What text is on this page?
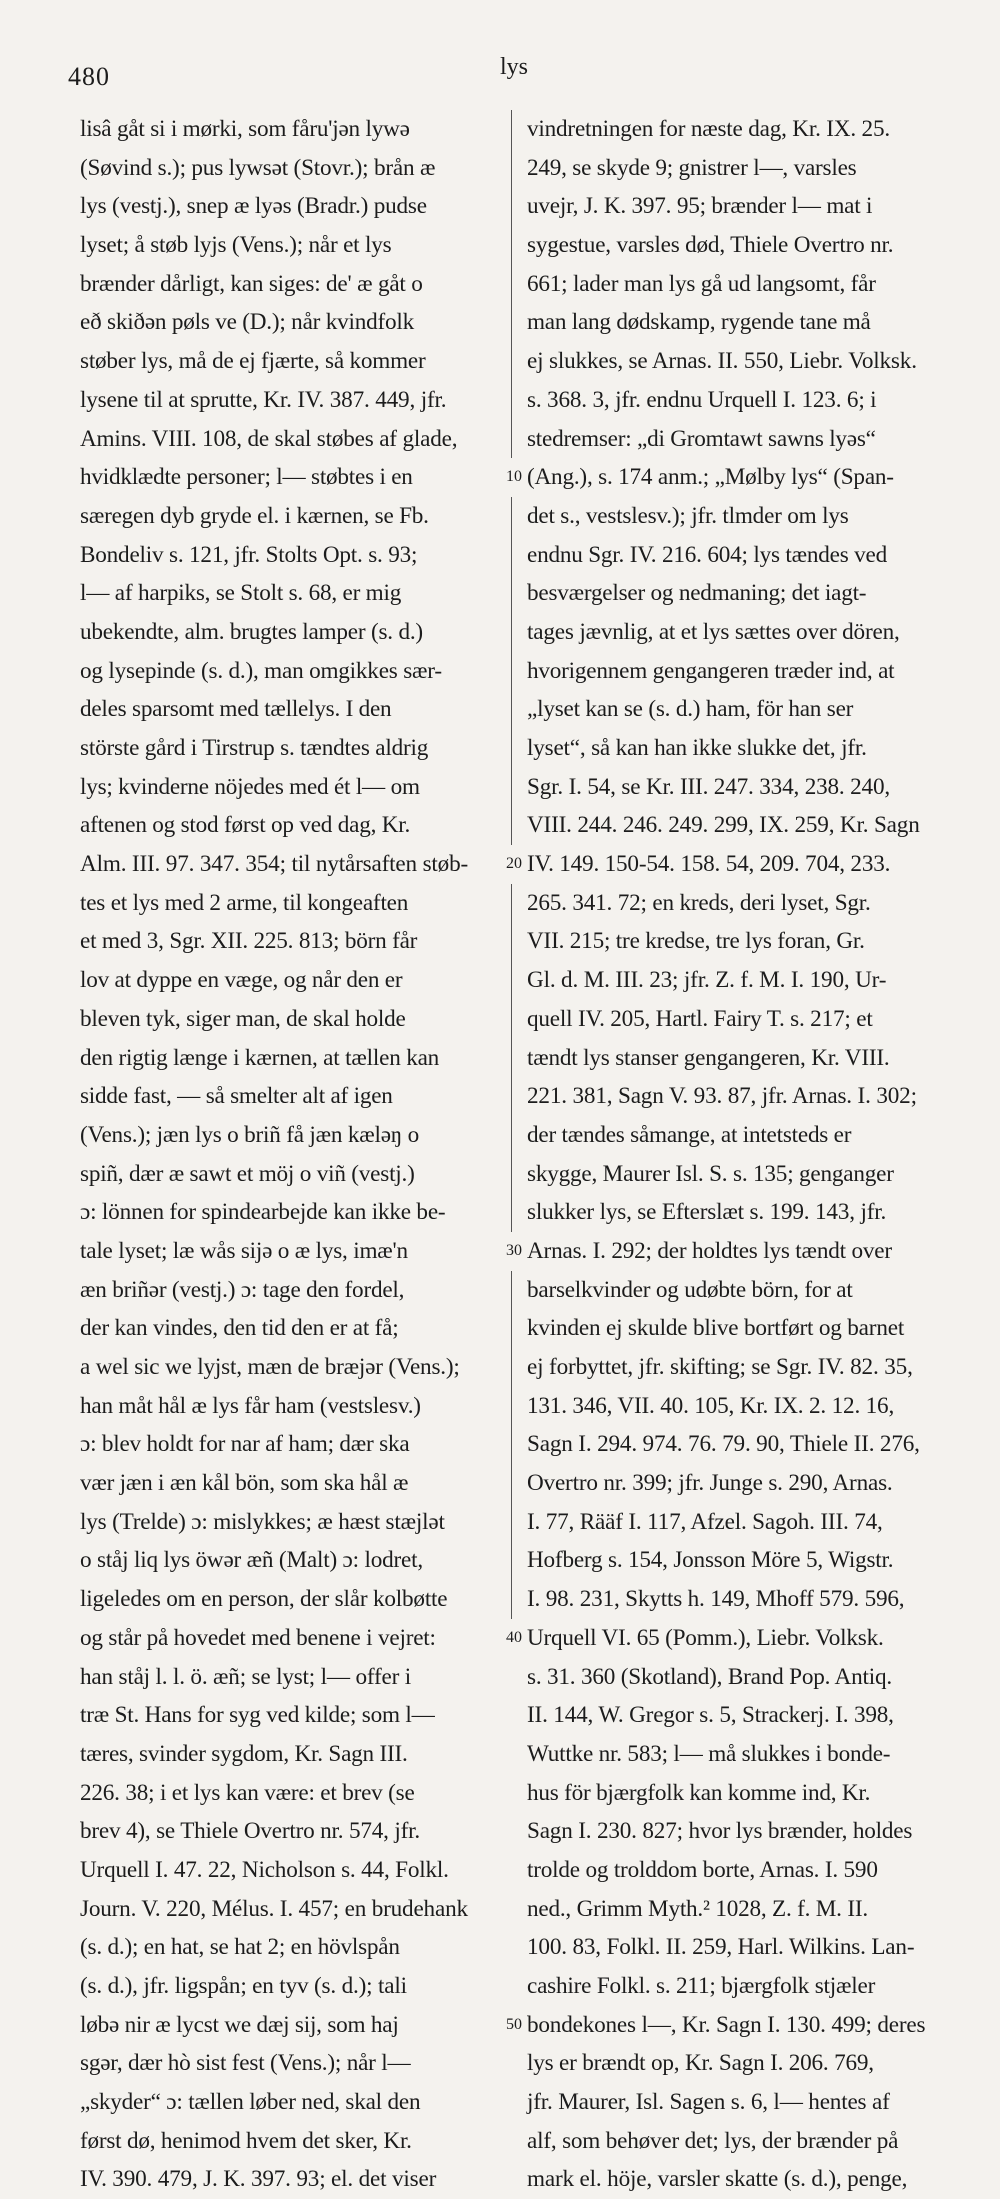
480	lys
lisâ gåt si i mørki, som fåru'jən lywə
(Søvind s.); pus lywsət (Stovr.); brån æ
lys (vestj.), snep æ lyəs (Bradr.) pudse
lyset; å støb lyjs (Vens.); når et lys
brænder dårligt, kan siges: de' æ gåt o
eð skiðən pøls ve (D.); når kvindfolk
støber lys, må de ej fjærte, så kommer
lysene til at sprutte, Kr. IV. 387. 449, jfr.
Amins. VIII. 108, de skal støbes af glade,
hvidklædte personer; l— støbtes i en
særegen dyb gryde el. i kærnen, se Fb.
Bondeliv s. 121, jfr. Stolts Opt. s. 93;
l— af harpiks, se Stolt s. 68, er mig
ubekendte, alm. brugtes lamper (s. d.)
og lysepinde (s. d.), man omgikkes sær-
deles sparsomt med tællelys. I den
störste gård i Tirstrup s. tændtes aldrig
lys; kvinderne nöjedes med ét l— om
aftenen og stod først op ved dag, Kr.
Alm. III. 97. 347. 354; til nytårsaften støb-
tes et lys med 2 arme, til kongeaften
et med 3, Sgr. XII. 225. 813; börn får
lov at dyppe en væge, og når den er
bleven tyk, siger man, de skal holde
den rigtig længe i kærnen, at tællen kan
sidde fast, — så smelter alt af igen
(Vens.); jæn lys o briñ få jæn kæləŋ o
spiñ, dær æ sawt et möj o viñ (vestj.)
ɔ: lönnen for spindearbejde kan ikke be-
tale lyset; læ wås sijə o æ lys, imæ'n
æn briñər (vestj.) ɔ: tage den fordel,
der kan vindes, den tid den er at få;
a wel sic we lyjst, mæn de bræjər (Vens.);
han måt hål æ lys får ham (vestslesv.)
ɔ: blev holdt for nar af ham; dær ska
vær jæn i æn kål bön, som ska hål æ
lys (Trelde) ɔ: mislykkes; æ hæst stæjlət
o ståj liq lys öwər æñ (Malt) ɔ: lodret,
ligeledes om en person, der slår kolbøtte
og står på hovedet med benene i vejret:
han ståj l. l. ö. æñ; se lyst; l— offer i
træ St. Hans for syg ved kilde; som l—
tæres, svinder sygdom, Kr. Sagn III.
226. 38; i et lys kan være: et brev (se
brev 4), se Thiele Overtro nr. 574, jfr.
Urquell I. 47. 22, Nicholson s. 44, Folkl.
Journ. V. 220, Mélus. I. 457; en brudehank
(s. d.); en hat, se hat 2; en hövlspån
(s. d.), jfr. ligspån; en tyv (s. d.); tali
løbə nir æ lycst we dæj sij, som haj
sgər, dær hò sist fest (Vens.); når l—
„skyder“ ɔ: tællen løber ned, skal den
først dø, henimod hvem det sker, Kr.
IV. 390. 479, J. K. 397. 93; el. det viser
vindretningen for næste dag, Kr. IX. 25.
249, se skyde 9; gnistrer l—, varsles
uvejr, J. K. 397. 95; brænder l— mat i
sygestue, varsles død, Thiele Overtro nr.
661; lader man lys gå ud langsomt, får
man lang dødskamp, rygende tane må
ej slukkes, se Arnas. II. 550, Liebr. Volksk.
s. 368. 3, jfr. endnu Urquell I. 123. 6; i
stedremser: „di Gromtawt sawns lyəs“
(Ang.), s. 174 anm.; „Mølby lys“ (Span-
det s., vestslesv.); jfr. tlmder om lys
endnu Sgr. IV. 216. 604; lys tændes ved
besværgelser og nedmaning; det iagt-
tages jævnlig, at et lys sættes over dören,
hvorigennem gengangeren træder ind, at
„lyset kan se (s. d.) ham, för han ser
lyset“, så kan han ikke slukke det, jfr.
Sgr. I. 54, se Kr. III. 247. 334, 238. 240,
VIII. 244. 246. 249. 299, IX. 259, Kr. Sagn
IV. 149. 150-54. 158. 54, 209. 704, 233.
265. 341. 72; en kreds, deri lyset, Sgr.
VII. 215; tre kredse, tre lys foran, Gr.
Gl. d. M. III. 23; jfr. Z. f. M. I. 190, Ur-
quell IV. 205, Hartl. Fairy T. s. 217; et
tændt lys stanser gengangeren, Kr. VIII.
221. 381, Sagn V. 93. 87, jfr. Arnas. I. 302;
der tændes såmange, at intetsteds er
skygge, Maurer Isl. S. s. 135; genganger
slukker lys, se Efterslæt s. 199. 143, jfr.
Arnas. I. 292; der holdtes lys tændt over
barselkvinder og udøbte börn, for at
kvinden ej skulde blive bortført og barnet
ej forbyttet, jfr. skifting; se Sgr. IV. 82. 35,
131. 346, VII. 40. 105, Kr. IX. 2. 12. 16,
Sagn I. 294. 974. 76. 79. 90, Thiele II. 276,
Overtro nr. 399; jfr. Junge s. 290, Arnas.
I. 77, Rääf I. 117, Afzel. Sagoh. III. 74,
Hofberg s. 154, Jonsson Möre 5, Wigstr.
I. 98. 231, Skytts h. 149, Mhoff 579. 596,
Urquell VI. 65 (Pomm.), Liebr. Volksk.
s. 31. 360 (Skotland), Brand Pop. Antiq.
II. 144, W. Gregor s. 5, Strackerj. I. 398,
Wuttke nr. 583; l— må slukkes i bonde-
hus för bjærgfolk kan komme ind, Kr.
Sagn I. 230. 827; hvor lys brænder, holdes
trolde og trolddom borte, Arnas. I. 590
ned., Grimm Myth.² 1028, Z. f. M. II.
100. 83, Folkl. II. 259, Harl. Wilkins. Lan-
cashire Folkl. s. 211; bjærgfolk stjæler
bondekones l—, Kr. Sagn I. 130. 499; deres
lys er brændt op, Kr. Sagn I. 206. 769,
jfr. Maurer, Isl. Sagen s. 6, l— hentes af
alf, som behøver det; lys, der brænder på
mark el. höje, varsler skatte (s. d.), penge,
10
20
30
40
50
